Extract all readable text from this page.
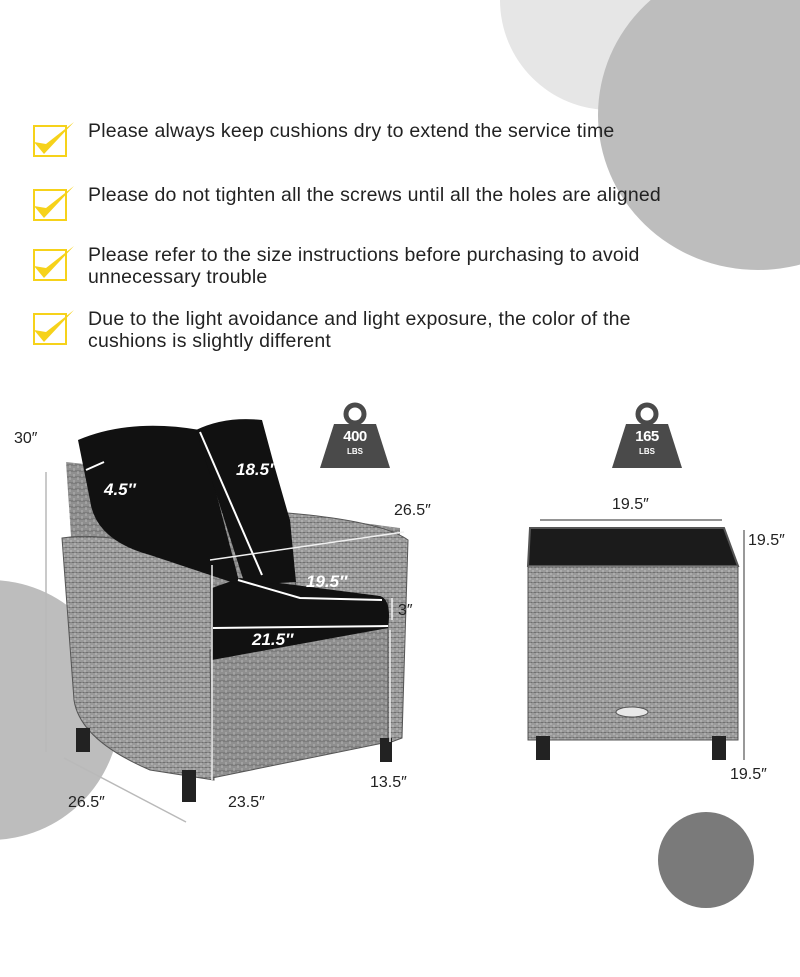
Please always keep cushions dry to extend the service time
Please do not tighten all the screws until all the holes are aligned
Please refer to the size instructions before purchasing to avoid unnecessary trouble
Due to the light avoidance and light exposure, the color of the cushions is slightly different
400
LBS
165
LBS
30″
4.5″
18.5″
26.5″
19.5″
3″
21.5″
13.5″
26.5″	23.5″
19.5″
19.5″
19.5″
